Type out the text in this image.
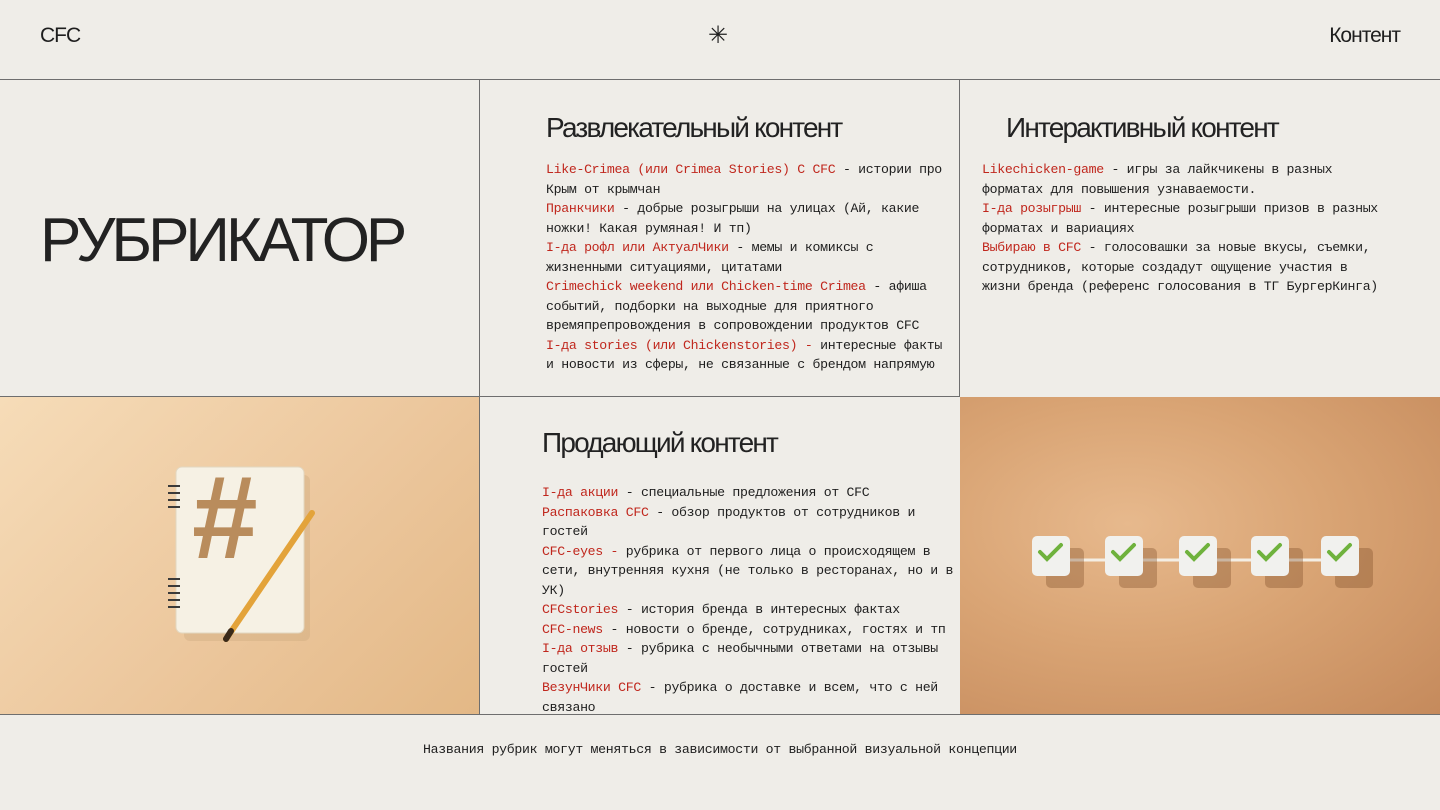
CFC	✳	Контент
РУБРИКАТОР
Развлекательный контент

Like-Crimea (или Crimea Stories) С CFC - истории про Крым от крымчан

Пранкчики - добрые розыгрыши на улицах (Ай, какие ножки! Какая румяная! И тп)

I-да рофл или АктуалЧики - мемы и комиксы с жизненными ситуациями, цитатами

Crimechick weekend или Chicken-time Crimea - афиша событий, подборки на выходные для приятного времяпрепровождения в сопровождении продуктов CFC

I-да stories (или Chickenstories) - интересные факты и новости из сферы, не связанные с брендом напрямую

Интерактивный контент

Likechicken-game - игры за лайкчикены в разных форматах для повышения узнаваемости.

I-да розыгрыш - интересные розыгрыши призов в разных форматах и вариациях

Выбираю в CFC - голосовашки за новые вкусы, съемки, сотрудников, которые создадут ощущение участия в жизни бренда (референс голосования в ТГ БургерКинга)

#
Продающий контент

I-да акции - специальные предложения от CFC

Распаковка CFC - обзор продуктов от сотрудников и гостей

CFC-eyes - рубрика от первого лица о происходящем в сети, внутренняя кухня (не только в ресторанах, но и в УК)

CFCstories - история бренда в интересных фактах

CFC-news - новости о бренде, сотрудниках, гостях и тп

I-да отзыв - рубрика с необычными ответами на отзывы гостей

ВезунЧики CFC - рубрика о доставке и всем, что с ней связано

Названия рубрик могут меняться в зависимости от выбранной визуальной концепции
